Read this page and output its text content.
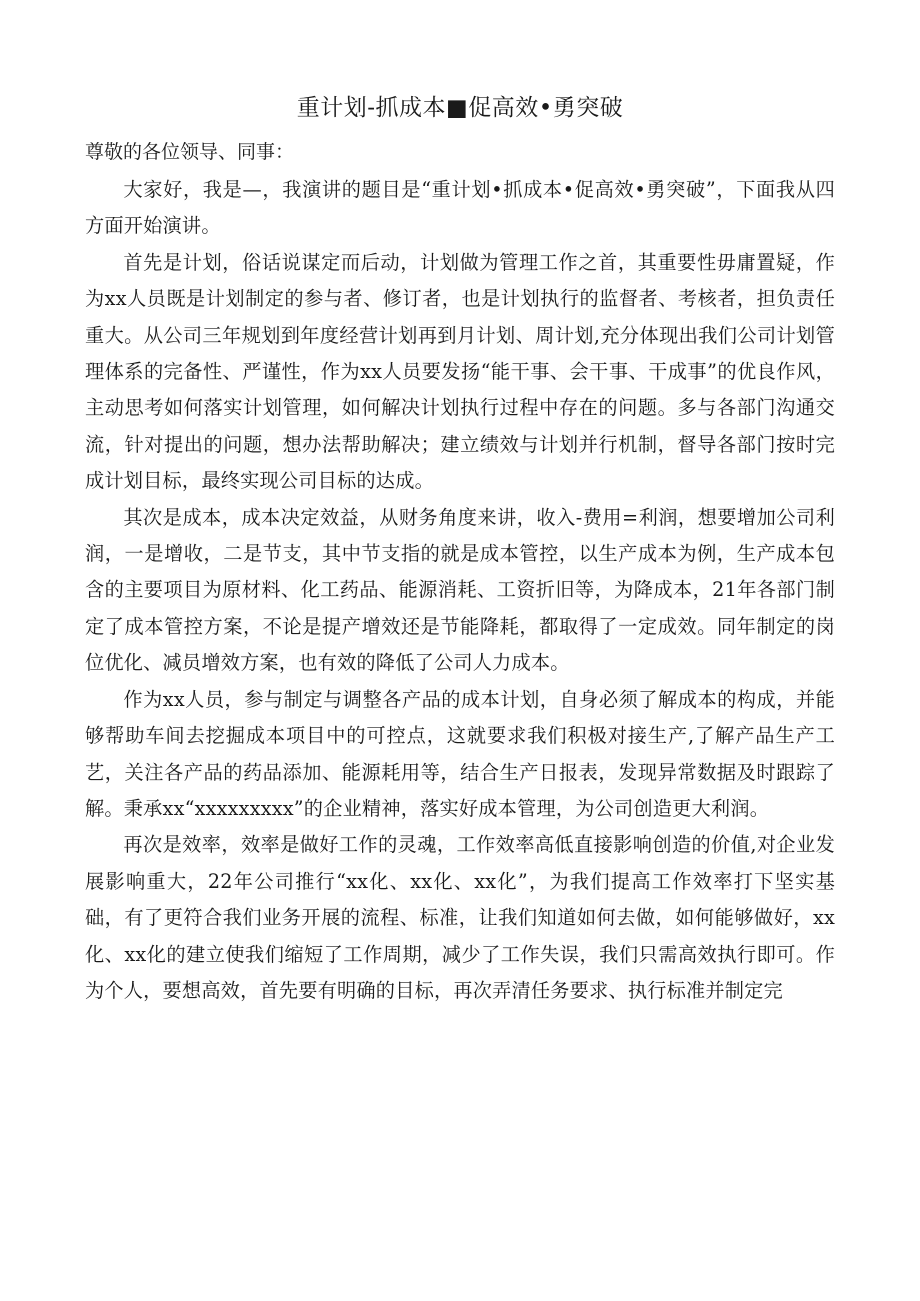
重计划-抓成本■促高效•勇突破
尊敬的各位领导、同事：

大家好，我是—，我演讲的题目是“重计划•抓成本•促高效•勇突破”，下面我从四方面开始演讲。

首先是计划，俗话说谋定而后动，计划做为管理工作之首，其重要性毋庸置疑，作为xx人员既是计划制定的参与者、修订者，也是计划执行的监督者、考核者，担负责任重大。从公司三年规划到年度经营计划再到月计划、周计划,充分体现出我们公司计划管理体系的完备性、严谨性，作为xx人员要发扬“能干事、会干事、干成事”的优良作风，主动思考如何落实计划管理，如何解决计划执行过程中存在的问题。多与各部门沟通交流，针对提出的问题，想办法帮助解决；建立绩效与计划并行机制，督导各部门按时完成计划目标，最终实现公司目标的达成。

其次是成本，成本决定效益，从财务角度来讲，收入-费用=利润，想要增加公司利润，一是增收，二是节支，其中节支指的就是成本管控，以生产成本为例，生产成本包含的主要项目为原材料、化工药品、能源消耗、工资折旧等，为降成本，21年各部门制定了成本管控方案，不论是提产增效还是节能降耗，都取得了一定成效。同年制定的岗位优化、减员增效方案，也有效的降低了公司人力成本。

作为xx人员，参与制定与调整各产品的成本计划，自身必须了解成本的构成，并能够帮助车间去挖掘成本项目中的可控点，这就要求我们积极对接生产,了解产品生产工艺，关注各产品的药品添加、能源耗用等，结合生产日报表，发现异常数据及时跟踪了解。秉承xx“xxxxxxxxx”的企业精神，落实好成本管理，为公司创造更大利润。

再次是效率，效率是做好工作的灵魂，工作效率高低直接影响创造的价值,对企业发展影响重大，22年公司推行“xx化、xx化、xx化”，为我们提高工作效率打下坚实基础，有了更符合我们业务开展的流程、标准，让我们知道如何去做，如何能够做好，xx化、xx化的建立使我们缩短了工作周期，减少了工作失误，我们只需高效执行即可。作为个人，要想高效，首先要有明确的目标，再次弄清任务要求、执行标准并制定完
